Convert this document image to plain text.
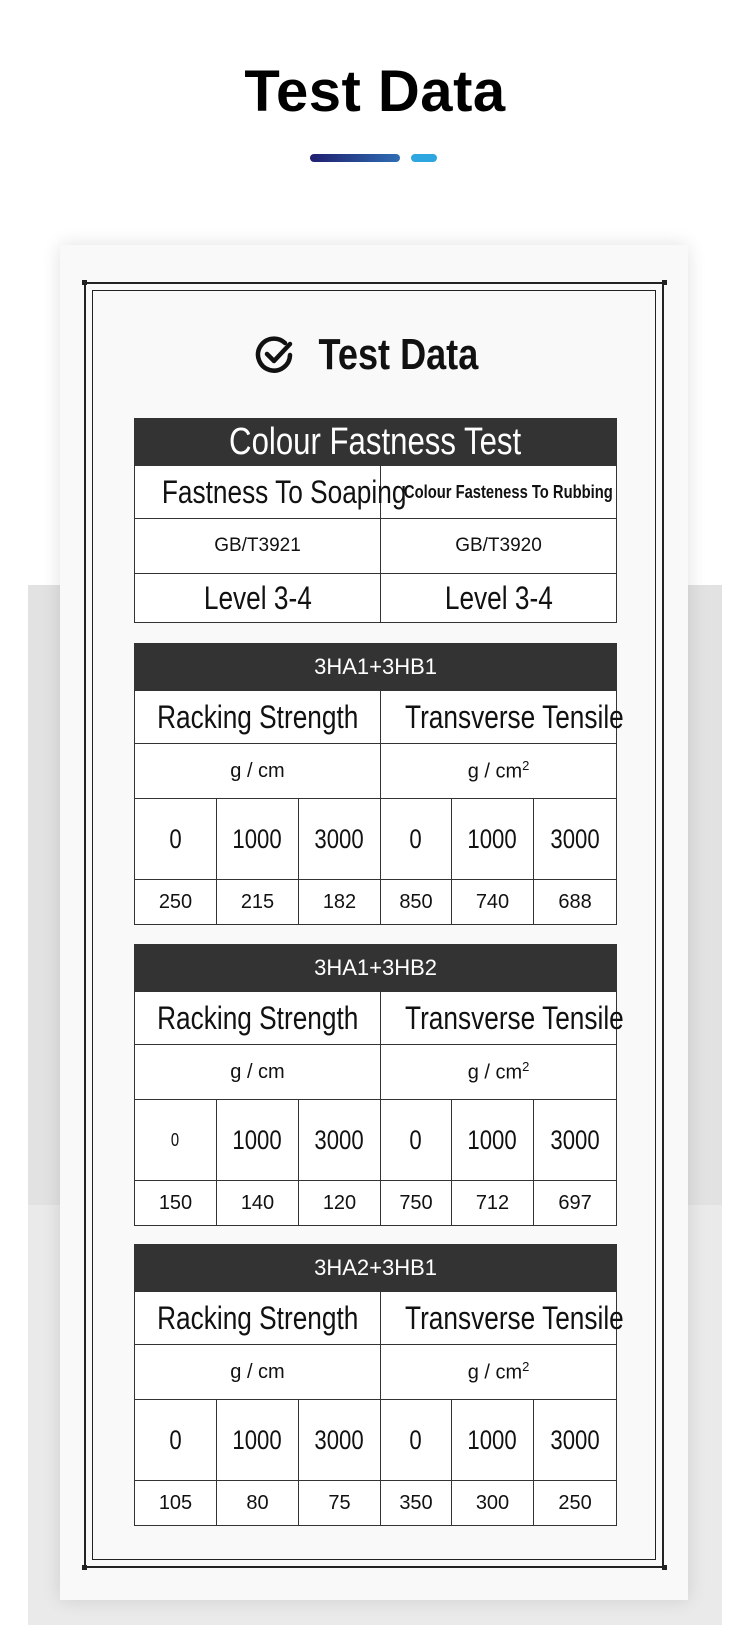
Test Data
Test Data
Colour Fastness Test	
Fastness To Soaping	Colour Fasteness To Rubbing
GB/T3921	GB/T3920
Level 3-4	Level 3-4
3HA1+3HB1					
Racking Strength			Transverse Tensile		
g / cm			g / $cm^2$
0	1000	3000	0	1000	3000
250	215	182	850	740	688
3HA1+3HB2					
Racking Strength			Transverse Tensile		
g / cm			g / $cm^2$
0	1000	3000	0	1000	3000
150	140	120	750	712	697
3HA2+3HB1					
Racking Strength			Transverse Tensile		
g / cm			g / $cm^2$
0	1000	3000	0	1000	3000
105	80	75	350	300	250
